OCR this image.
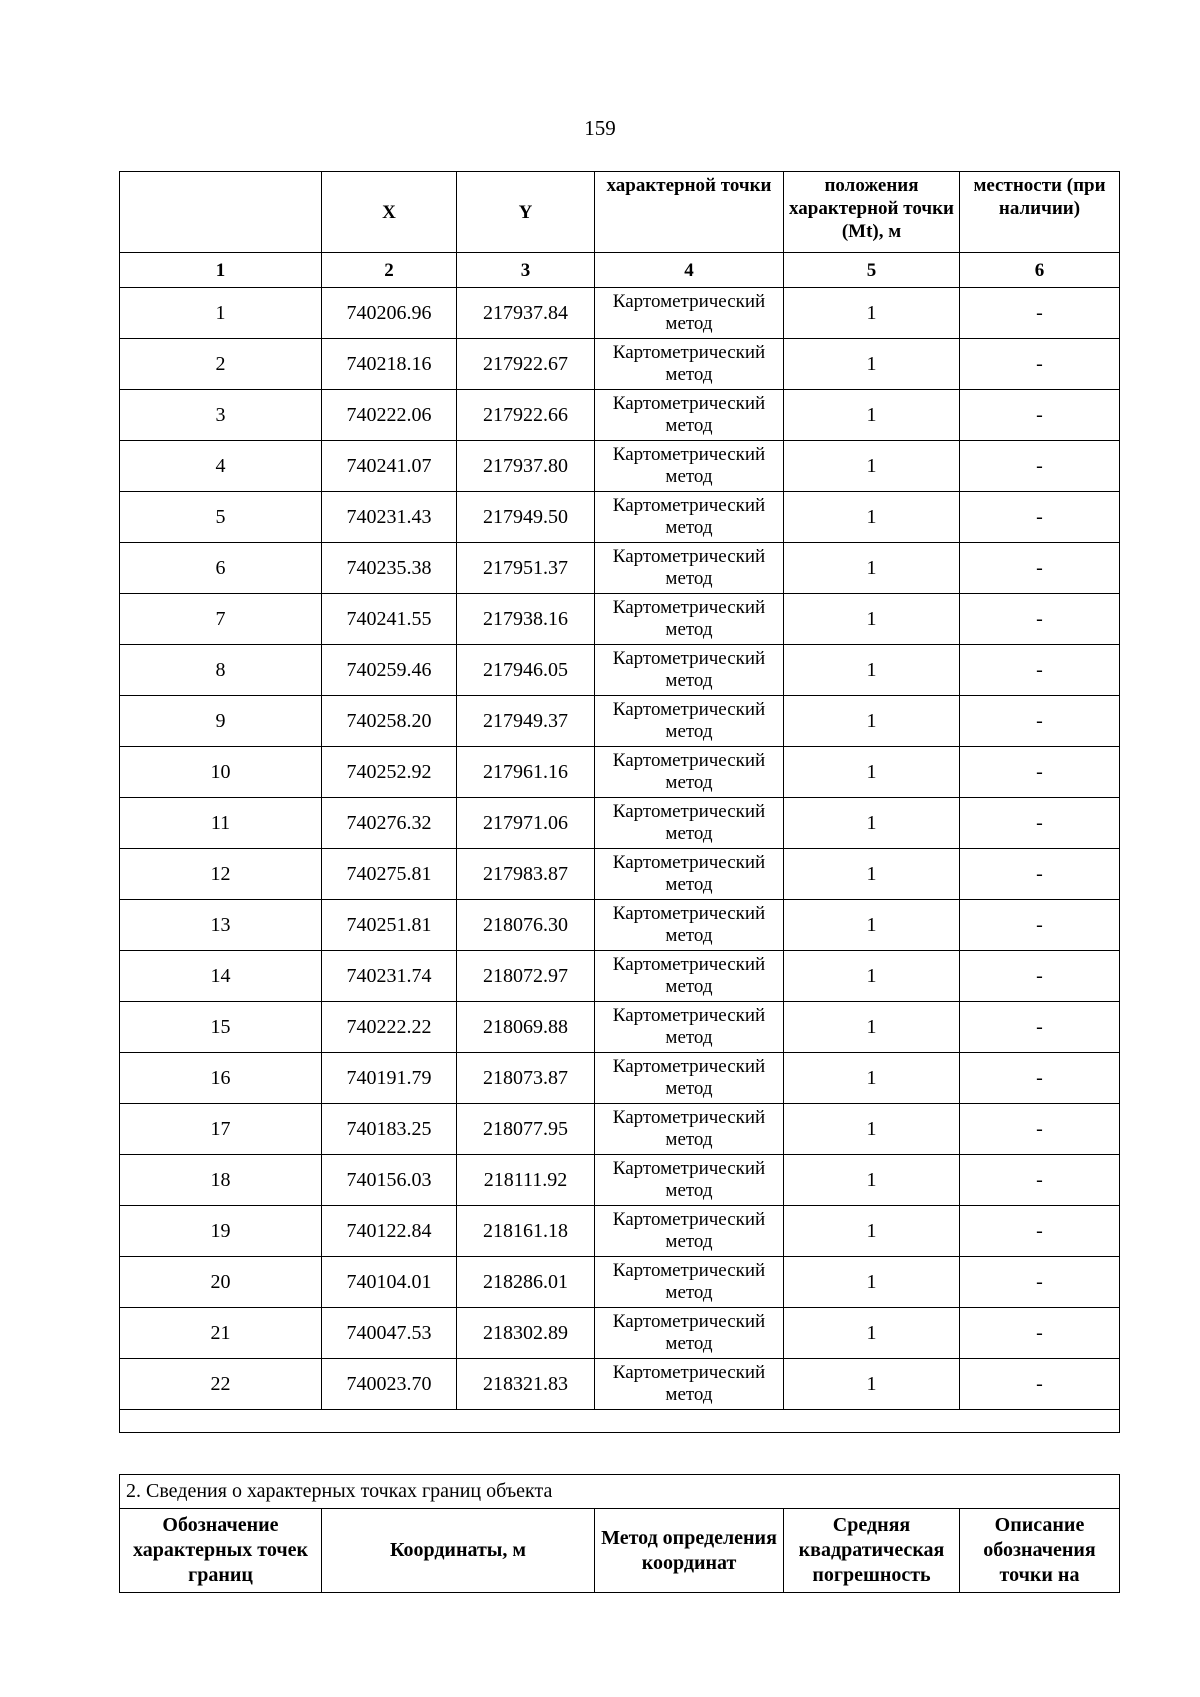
159
	X	Y	характерной точки	положения характерной точки (Mt), м	местности (при наличии)
1	2	3	4	5	6
1	740206.96	217937.84	Картометрический метод	1	-
2	740218.16	217922.67	Картометрический метод	1	-
3	740222.06	217922.66	Картометрический метод	1	-
4	740241.07	217937.80	Картометрический метод	1	-
5	740231.43	217949.50	Картометрический метод	1	-
6	740235.38	217951.37	Картометрический метод	1	-
7	740241.55	217938.16	Картометрический метод	1	-
8	740259.46	217946.05	Картометрический метод	1	-
9	740258.20	217949.37	Картометрический метод	1	-
10	740252.92	217961.16	Картометрический метод	1	-
11	740276.32	217971.06	Картометрический метод	1	-
12	740275.81	217983.87	Картометрический метод	1	-
13	740251.81	218076.30	Картометрический метод	1	-
14	740231.74	218072.97	Картометрический метод	1	-
15	740222.22	218069.88	Картометрический метод	1	-
16	740191.79	218073.87	Картометрический метод	1	-
17	740183.25	218077.95	Картометрический метод	1	-
18	740156.03	218111.92	Картометрический метод	1	-
19	740122.84	218161.18	Картометрический метод	1	-
20	740104.01	218286.01	Картометрический метод	1	-
21	740047.53	218302.89	Картометрический метод	1	-
22	740023.70	218321.83	Картометрический метод	1	-

2. Сведения о характерных точках границ объекта
Обозначение характерных точек границ	Координаты, м	Метод определения координат	Средняя квадратическая погрешность	Описание обозначения точки на
